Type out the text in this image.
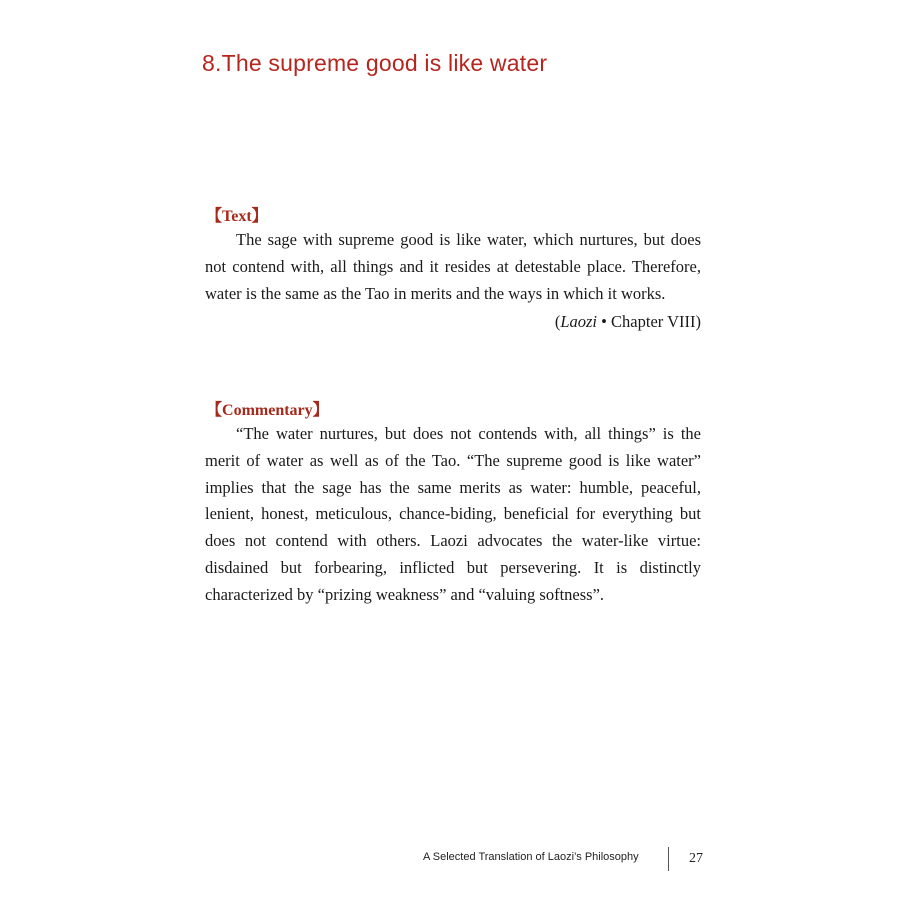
8.The supreme good is like water
【Text】

The sage with supreme good is like water, which nurtures, but does not contend with, all things and it resides at detestable place. Therefore, water is the same as the Tao in merits and the ways in which it works.

(Laozi • Chapter VIII)
【Commentary】

“The water nurtures, but does not contends with, all things” is the merit of water as well as of the Tao. “The supreme good is like water” implies that the sage has the same merits as water: humble, peaceful, lenient, honest, meticulous, chance-biding, beneficial for everything but does not contend with others. Laozi advocates the water-like virtue: disdained but forbearing, inflicted but persevering. It is distinctly characterized by “prizing weakness” and “valuing softness”.

A Selected Translation of Laozi’s Philosophy	27
